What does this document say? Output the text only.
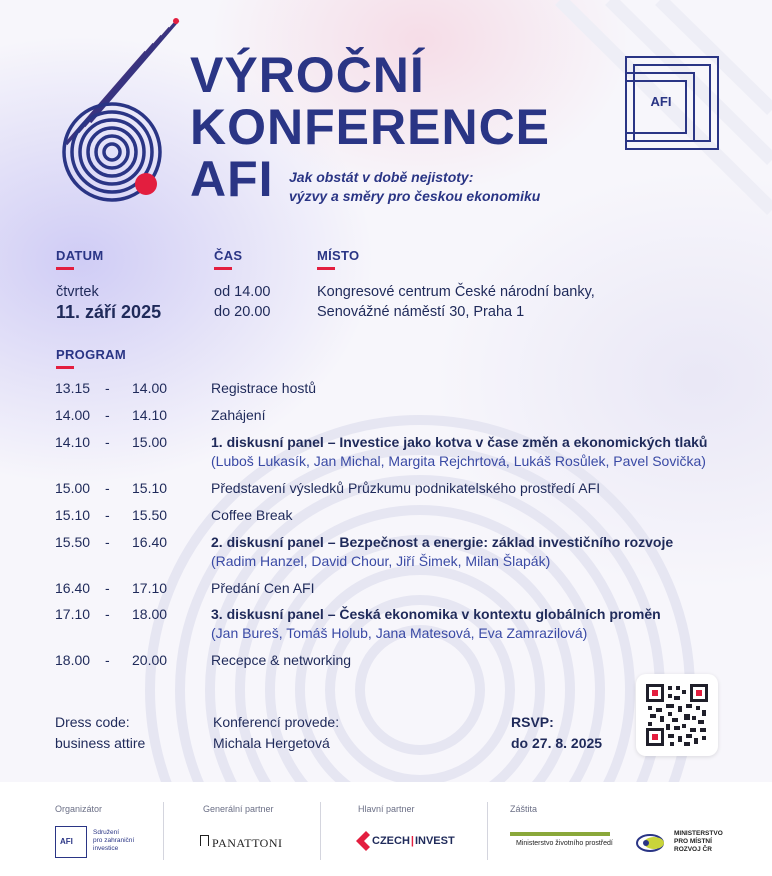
VÝROČNÍ
KONFERENCE
AFI	Jak obstát v době nejistoty:
výzvy a směry pro českou ekonomiku
AFI
DATUM
čtvrtek
11. září 2025
ČAS
od 14.00
do 20.00
MÍSTO
Kongresové centrum České národní banky,
Senovážné náměstí 30, Praha 1
PROGRAM
13.15	- 14.00	Registrace hostů
14.00	- 14.10	Zahájení
14.10	- 15.00	1. diskusní panel – Investice jako kotva v čase změn a ekonomických tlaků
(Luboš Lukasík, Jan Michal, Margita Rejchrtová, Lukáš Rosůlek, Pavel Sovička)
15.00	- 15.10	Představení výsledků Průzkumu podnikatelského prostředí AFI
15.10	- 15.50	Coffee Break
15.50	- 16.40	2. diskusní panel – Bezpečnost a energie: základ investičního rozvoje
(Radim Hanzel, David Chour, Jiří Šimek, Milan Šlapák)
16.40	- 17.10	Předání Cen AFI
17.10	- 18.00	3. diskusní panel – Česká ekonomika v kontextu globálních proměn
(Jan Bureš, Tomáš Holub, Jana Matesová, Eva Zamrazilová)
18.00	- 20.00	Recepce & networking
Dress code:
business attire
Konferencí provede:
Michala Hergetová
RSVP:
do 27. 8. 2025
Organizátor
AFI
Sdružení
pro zahraniční
investice
Generální partner
PANATTONI
Hlavní partner
CZECH|INVEST
Záštita
Ministerstvo životního prostředí
MINISTERSTVO
PRO MÍSTNÍ
ROZVOJ ČR
